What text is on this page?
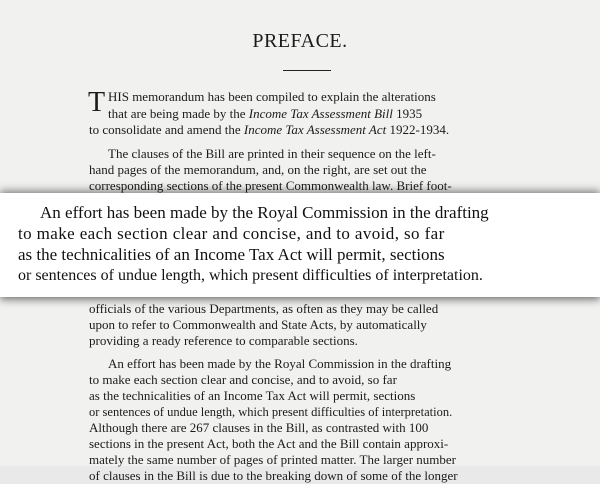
PREFACE.
T HIS memorandum has been compiled to explain the alterations
that are being made by the Income Tax Assessment Bill 1935
to consolidate and amend the Income Tax Assessment Act 1922-1934.
The clauses of the Bill are printed in their sequence on the left-
hand pages of the memorandum, and, on the right, are set out the
corresponding sections of the present Commonwealth law. Brief foot-
An effort has been made by the Royal Commission in the drafting
to make each section clear and concise, and to avoid, so far
as the technicalities of an Income Tax Act will permit, sections
or sentences of undue length, which present difficulties of interpretation.
officials of the various Departments, as often as they may be called
upon to refer to Commonwealth and State Acts, by automatically
providing a ready reference to comparable sections.
An effort has been made by the Royal Commission in the drafting
to make each section clear and concise, and to avoid, so far
as the technicalities of an Income Tax Act will permit, sections
or sentences of undue length, which present difficulties of interpretation.
Although there are 267 clauses in the Bill, as contrasted with 100
sections in the present Act, both the Act and the Bill contain approxi-
mately the same number of pages of printed matter. The larger number
of clauses in the Bill is due to the breaking down of some of the longer
